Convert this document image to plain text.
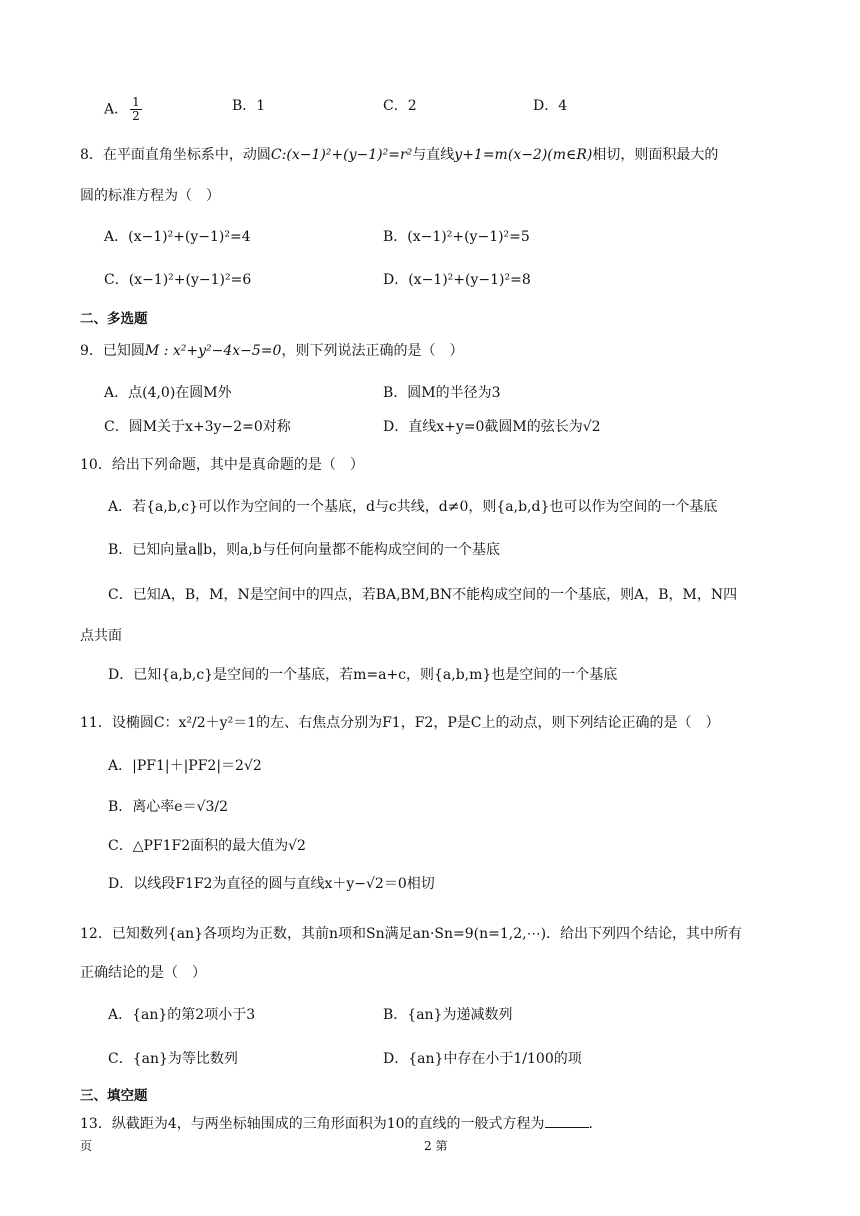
A． $\frac{1}{2}$	B．1	C．2	D．4
8．在平面直角坐标系中，动圆C:(x−1)²+(y−1)²=r²与直线y+1=m(x−2)(m∈R)相切，则面积最大的
圆的标准方程为（　）
A．(x−1)²+(y−1)²=4	B．(x−1)²+(y−1)²=5
C．(x−1)²+(y−1)²=6	D．(x−1)²+(y−1)²=8
二、多选题
9．已知圆M : x²+y²−4x−5=0，则下列说法正确的是（　）
A．点(4,0)在圆M外	B．圆M的半径为3
C．圆M关于x+3y−2=0对称	D．直线x+y=0截圆M的弦长为√2
10．给出下列命题，其中是真命题的是（　）
A．若{a,b,c}可以作为空间的一个基底，d与c共线，d≠0，则{a,b,d}也可以作为空间的一个基底
B．已知向量a∥b，则a,b与任何向量都不能构成空间的一个基底
C．已知A，B，M，N是空间中的四点，若BA,BM,BN不能构成空间的一个基底，则A，B，M，N四
点共面
D．已知{a,b,c}是空间的一个基底，若m=a+c，则{a,b,m}也是空间的一个基底
11．设椭圆C：x²/2＋y²＝1的左、右焦点分别为F1，F2，P是C上的动点，则下列结论正确的是（　）
A．|PF1|＋|PF2|＝2√2
B．离心率e＝√3/2
C．△PF1F2面积的最大值为√2
D．以线段F1F2为直径的圆与直线x＋y−√2＝0相切
12．已知数列{an}各项均为正数，其前n项和Sn满足an·Sn=9(n=1,2,⋯)．给出下列四个结论，其中所有
正确结论的是（　）
A．{an}的第2项小于3	B．{an}为递减数列
C．{an}为等比数列	D．{an}中存在小于1/100的项
三、填空题
13．纵截距为4，与两坐标轴围成的三角形面积为10的直线的一般式方程为	．
页	2 第
